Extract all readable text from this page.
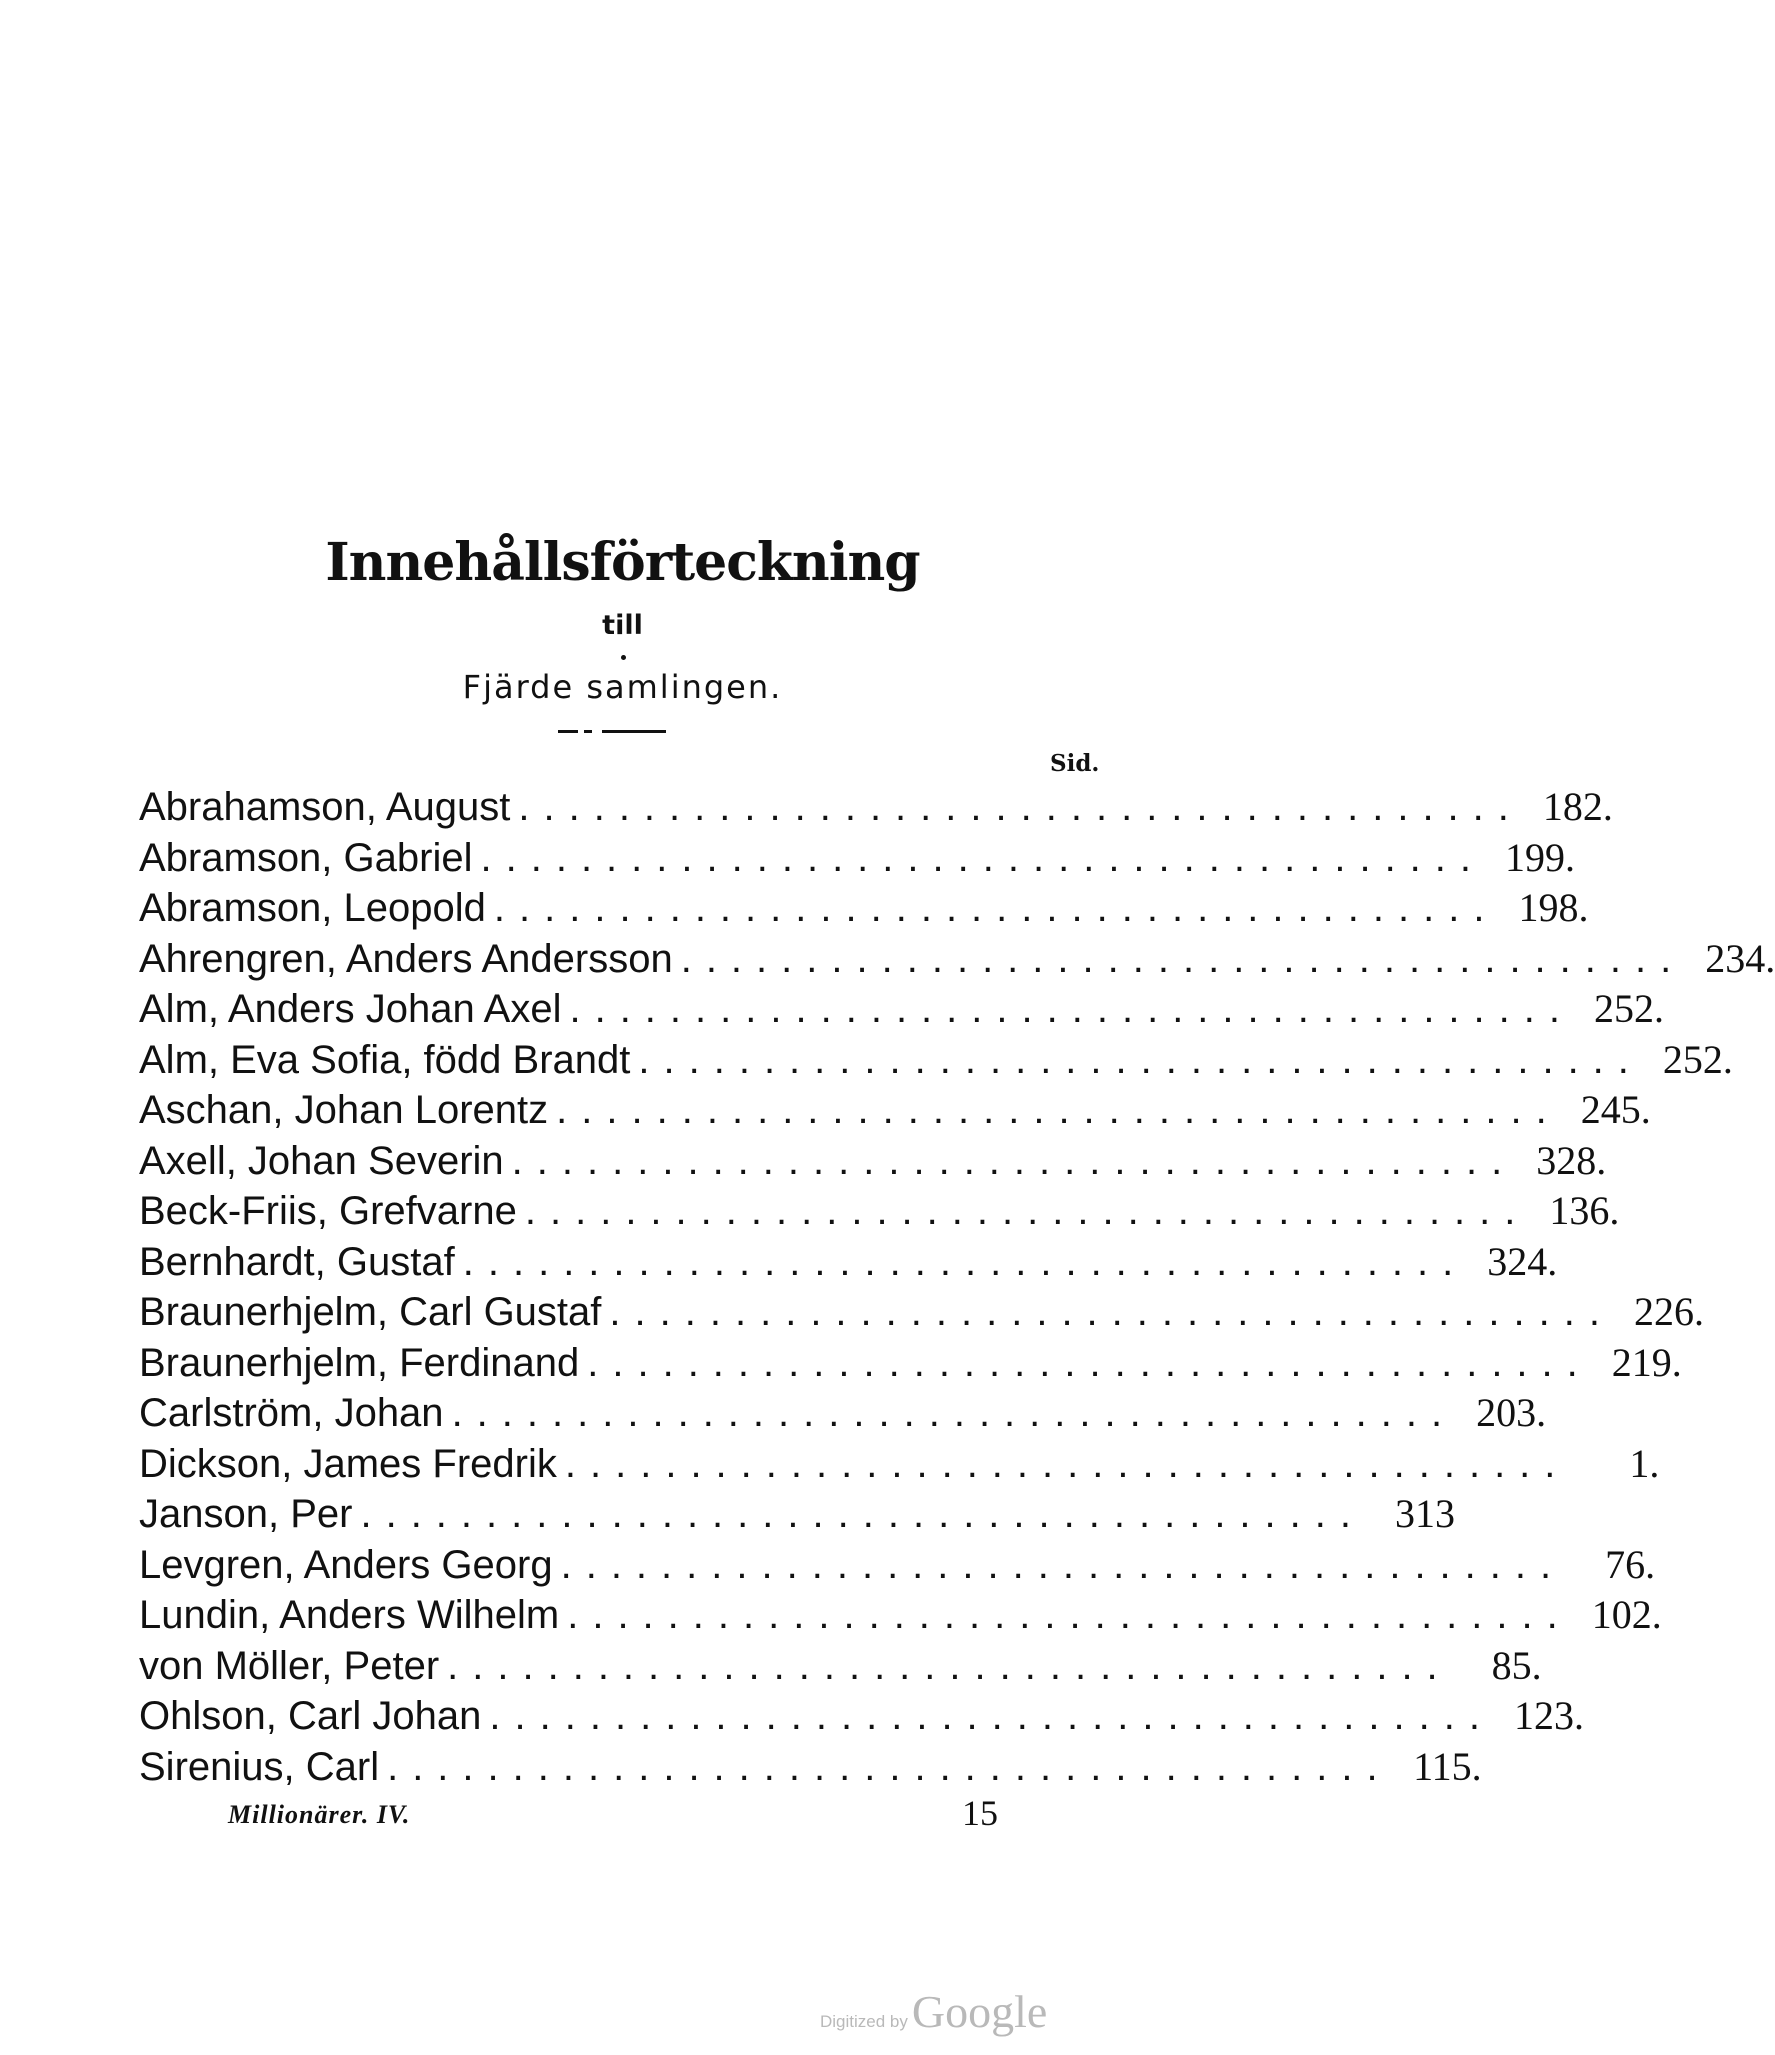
Innehållsförteckning
till
Fjärde samlingen.
Sid.
Abrahamson, August ........................................ 182.
Abramson, Gabriel ........................................ 199.
Abramson, Leopold ........................................ 198.
Ahrengren, Anders Andersson ........................................ 234.
Alm, Anders Johan Axel ........................................ 252.
Alm, Eva Sofia, född Brandt ........................................ 252.
Aschan, Johan Lorentz ........................................ 245.
Axell, Johan Severin ........................................ 328.
Beck-Friis, Grefvarne ........................................ 136.
Bernhardt, Gustaf ........................................ 324.
Braunerhjelm, Carl Gustaf ........................................ 226.
Braunerhjelm, Ferdinand ........................................ 219.
Carlström, Johan ........................................ 203.
Dickson, James Fredrik ........................................	1.
Janson, Per ........................................ 313
Levgren, Anders Georg ........................................	76.
Lundin, Anders Wilhelm ........................................ 102.
von Möller, Peter ........................................	85.
Ohlson, Carl Johan ........................................ 123.
Sirenius, Carl ........................................ 115.
Millionärer. IV.	15
Digitized byGoogle
